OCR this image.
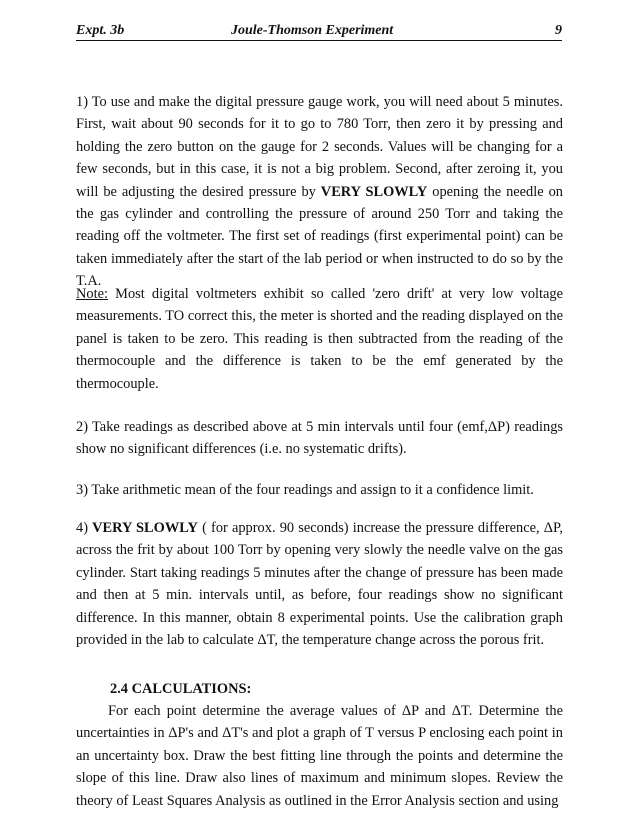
Expt. 3b	Joule-Thomson Experiment	9

1) To use and make the digital pressure gauge work, you will need about 5 minutes. First, wait about 90 seconds for it to go to 780 Torr, then zero it by pressing and holding the zero button on the gauge for 2 seconds. Values will be changing for a few seconds, but in this case, it is not a big problem. Second, after zeroing it, you will be adjusting the desired pressure by VERY SLOWLY opening the needle on the gas cylinder and controlling the pressure of around 250 Torr and taking the reading off the voltmeter. The first set of readings (first experimental point) can be taken immediately after the start of the lab period or when instructed to do so by the T.A.

Note: Most digital voltmeters exhibit so called 'zero drift' at very low voltage measurements. TO correct this, the meter is shorted and the reading displayed on the panel is taken to be zero. This reading is then subtracted from the reading of the thermocouple and the difference is taken to be the emf generated by the thermocouple.

2) Take readings as described above at 5 min intervals until four (emf,ΔP) readings show no significant differences (i.e. no systematic drifts).

3) Take arithmetic mean of the four readings and assign to it a confidence limit.

4) VERY SLOWLY ( for approx. 90 seconds) increase the pressure difference, ΔP, across the frit by about 100 Torr by opening very slowly the needle valve on the gas cylinder. Start taking readings 5 minutes after the change of pressure has been made and then at 5 min. intervals until, as before, four readings show no significant difference. In this manner, obtain 8 experimental points. Use the calibration graph provided in the lab to calculate ΔT, the temperature change across the porous frit.

2.4 CALCULATIONS:

For each point determine the average values of ΔP and ΔT. Determine the uncertainties in ΔP's and ΔT's and plot a graph of T versus P enclosing each point in an uncertainty box. Draw the best fitting line through the points and determine the slope of this line. Draw also lines of maximum and minimum slopes. Review the theory of Least Squares Analysis as outlined in the Error Analysis section and using
